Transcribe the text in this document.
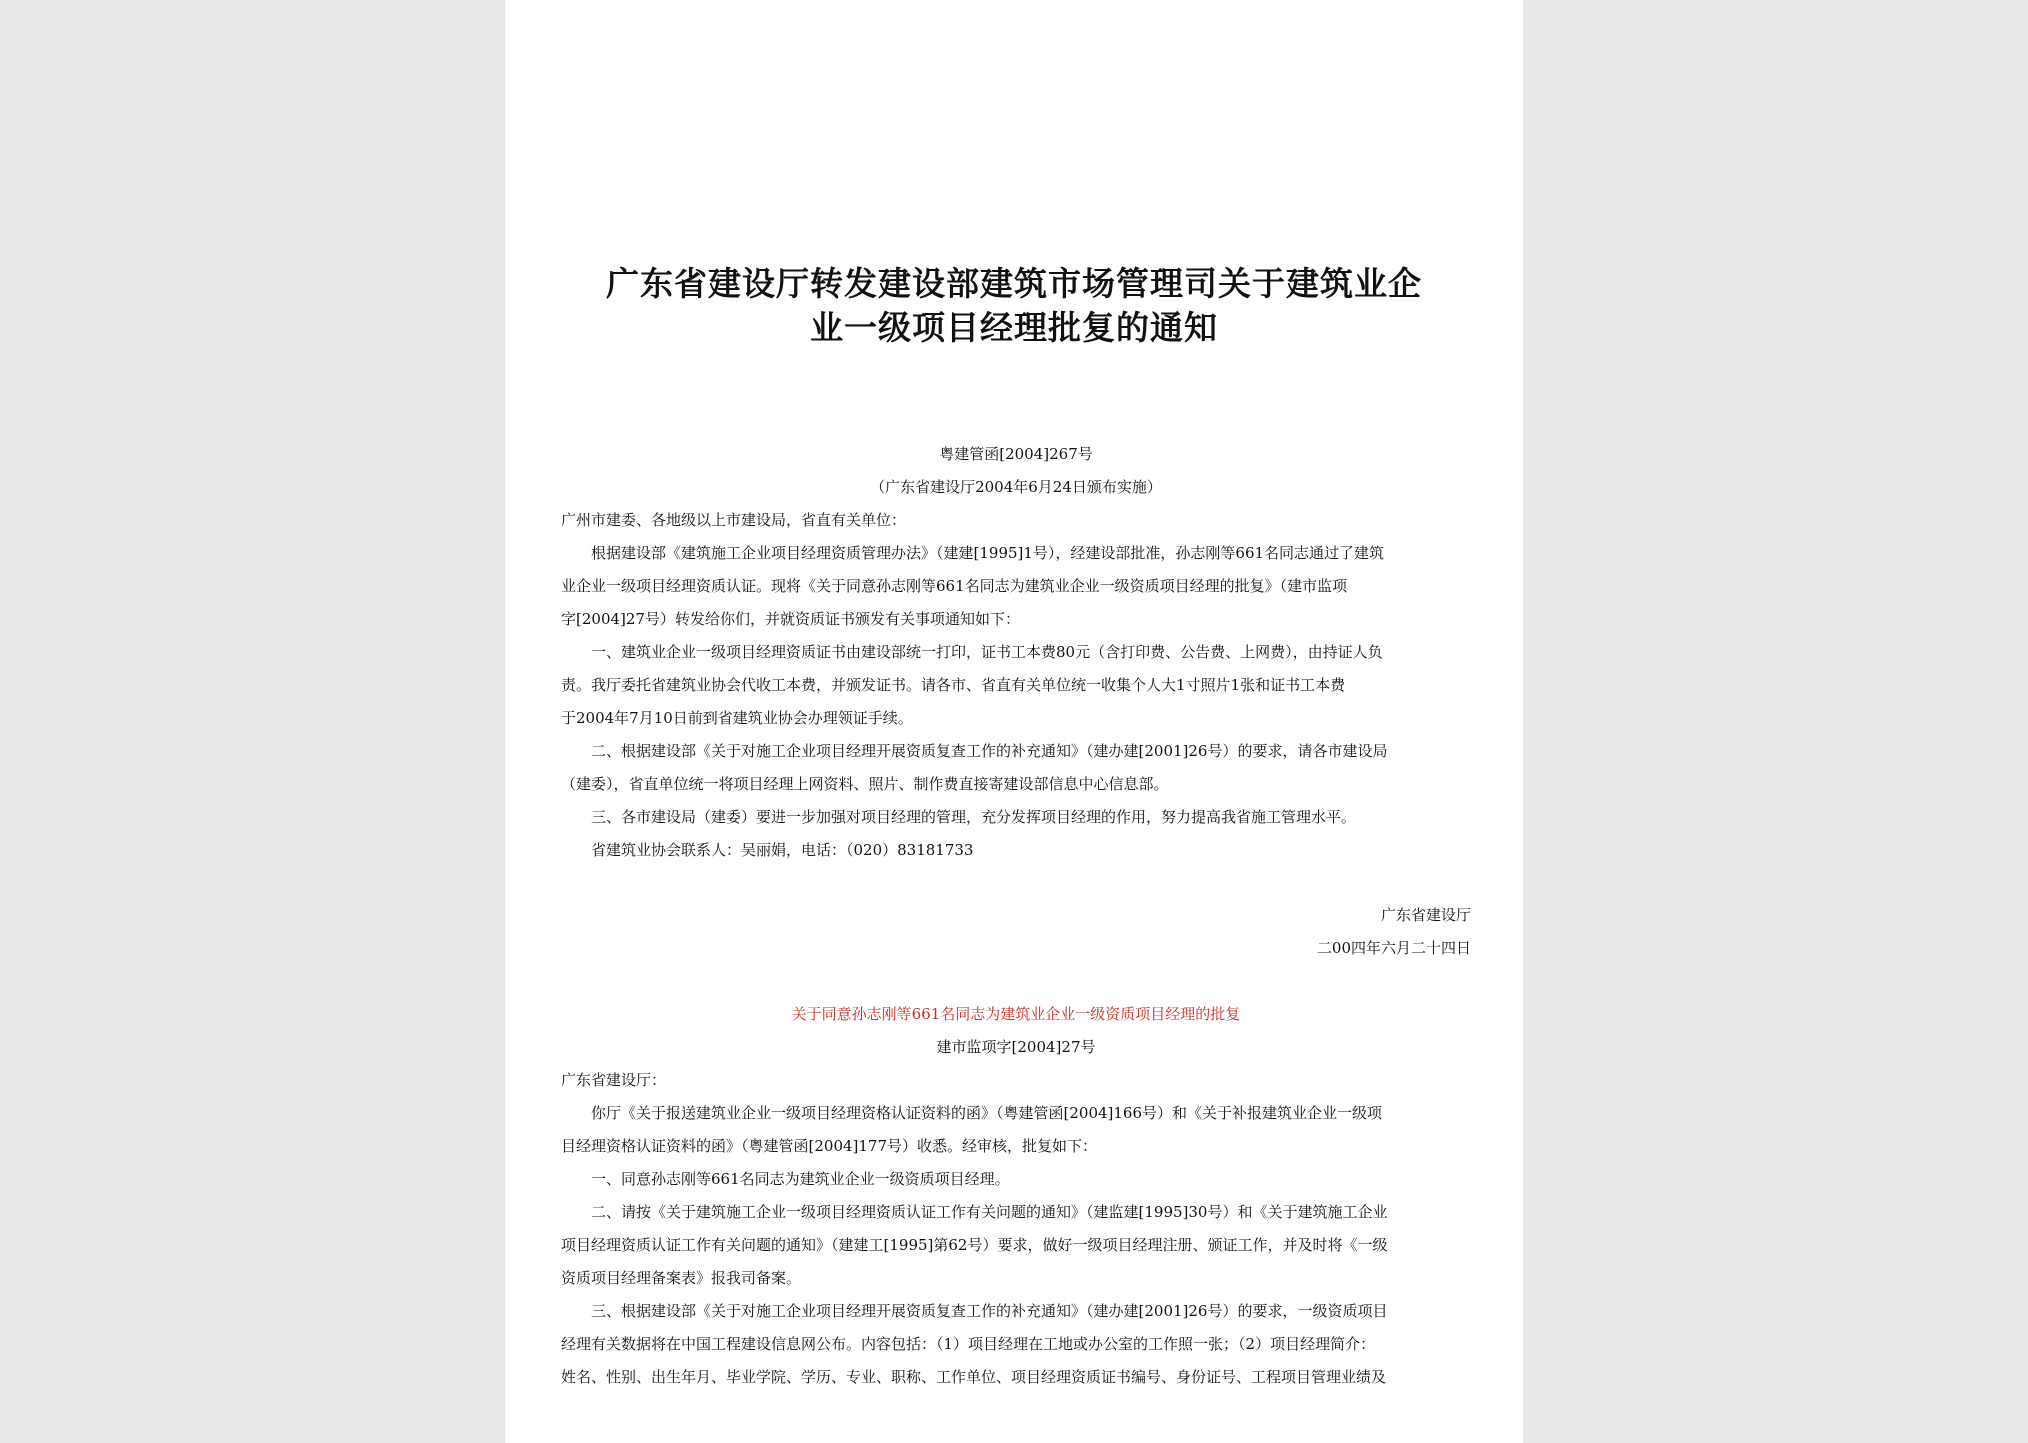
广东省建设厅转发建设部建筑市场管理司关于建筑业企
业一级项目经理批复的通知
粤建管函[2004]267号
（广东省建设厅2004年6月24日颁布实施）
广州市建委、各地级以上市建设局，省直有关单位：
根据建设部《建筑施工企业项目经理资质管理办法》（建建[1995]1号），经建设部批准，孙志刚等661名同志通过了建筑
业企业一级项目经理资质认证。现将《关于同意孙志刚等661名同志为建筑业企业一级资质项目经理的批复》（建市监项
字[2004]27号）转发给你们，并就资质证书颁发有关事项通知如下：
一、建筑业企业一级项目经理资质证书由建设部统一打印，证书工本费80元（含打印费、公告费、上网费），由持证人负
责。我厅委托省建筑业协会代收工本费，并颁发证书。请各市、省直有关单位统一收集个人大1寸照片1张和证书工本费
于2004年7月10日前到省建筑业协会办理领证手续。
二、根据建设部《关于对施工企业项目经理开展资质复查工作的补充通知》（建办建[2001]26号）的要求，请各市建设局
（建委），省直单位统一将项目经理上网资料、照片、制作费直接寄建设部信息中心信息部。
三、各市建设局（建委）要进一步加强对项目经理的管理，充分发挥项目经理的作用，努力提高我省施工管理水平。
省建筑业协会联系人：吴丽娟，电话：（020）83181733
广东省建设厅
二00四年六月二十四日
关于同意孙志刚等661名同志为建筑业企业一级资质项目经理的批复
建市监项字[2004]27号
广东省建设厅：
你厅《关于报送建筑业企业一级项目经理资格认证资料的函》（粤建管函[2004]166号）和《关于补报建筑业企业一级项
目经理资格认证资料的函》（粤建管函[2004]177号）收悉。经审核，批复如下：
一、同意孙志刚等661名同志为建筑业企业一级资质项目经理。
二、请按《关于建筑施工企业一级项目经理资质认证工作有关问题的通知》（建监建[1995]30号）和《关于建筑施工企业
项目经理资质认证工作有关问题的通知》（建建工[1995]第62号）要求，做好一级项目经理注册、颁证工作，并及时将《一级
资质项目经理备案表》报我司备案。
三、根据建设部《关于对施工企业项目经理开展资质复查工作的补充通知》（建办建[2001]26号）的要求，一级资质项目
经理有关数据将在中国工程建设信息网公布。内容包括：（1）项目经理在工地或办公室的工作照一张；（2）项目经理简介：
姓名、性别、出生年月、毕业学院、学历、专业、职称、工作单位、项目经理资质证书编号、身份证号、工程项目管理业绩及
